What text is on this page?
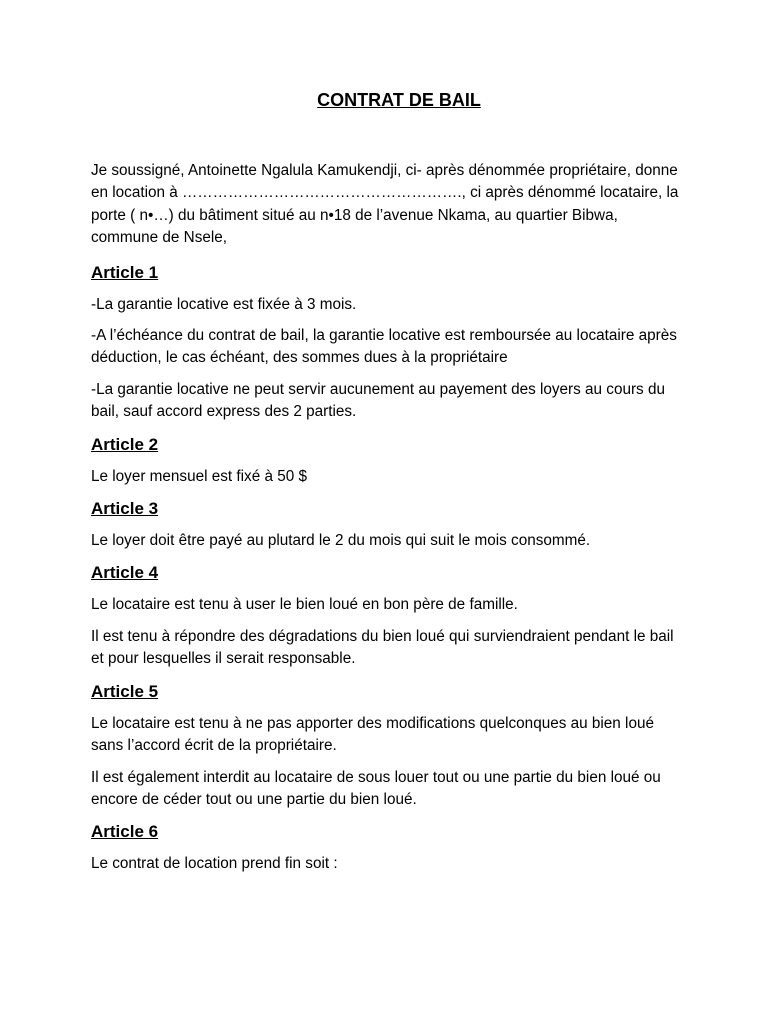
CONTRAT DE BAIL

Je soussigné, Antoinette Ngalula Kamukendji, ci- après dénommée propriétaire, donne en location à ………………………………………………., ci après dénommé locataire, la porte ( n•…) du bâtiment situé au n•18 de l’avenue Nkama, au quartier Bibwa, commune de Nsele,

Article 1

-La garantie locative est fixée à 3 mois.

-A l’échéance du contrat de bail, la garantie locative est remboursée au locataire après déduction, le cas échéant, des sommes dues à la propriétaire

-La garantie locative ne peut servir aucunement au payement des loyers au cours du bail, sauf accord express des 2 parties.

Article 2

Le loyer mensuel est fixé à 50 $

Article 3

Le loyer doit être payé au plutard le 2 du mois qui suit le mois consommé.

Article 4

Le locataire est tenu à user le bien loué en bon père de famille.

Il est tenu à répondre des dégradations du bien loué qui surviendraient pendant le bail et pour lesquelles il serait responsable.

Article 5

Le locataire est tenu à ne pas apporter des modifications quelconques au bien loué sans l’accord écrit de la propriétaire.

Il est également interdit au locataire de sous louer tout ou une partie du bien loué ou encore de céder tout ou une partie du bien loué.

Article 6

Le contrat de location prend fin soit :
